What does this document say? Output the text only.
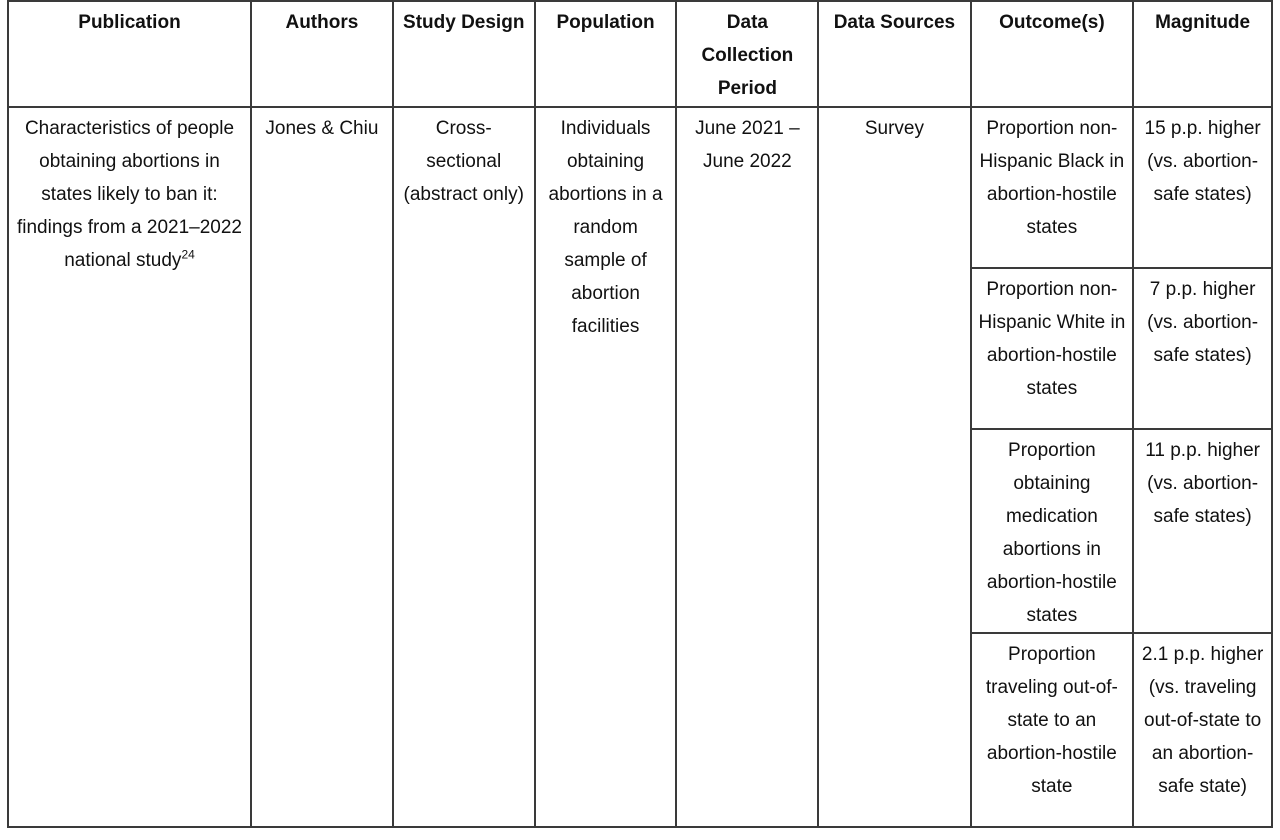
Publication	Authors	Study Design	Population	Data Collection Period	Data Sources	Outcome(s)	Magnitude
Characteristics of people obtaining abortions in states likely to ban it: findings from a 2021–2022 national study$^{24}$	Jones & Chiu	Cross-sectional (abstract only)	Individuals obtaining abortions in a random sample of abortion facilities	June 2021 – June 2022	Survey	Proportion non-Hispanic Black in abortion-hostile states	15 p.p. higher (vs. abortion-safe states)
						Proportion non-Hispanic White in abortion-hostile states	7 p.p. higher (vs. abortion-safe states)
						Proportion obtaining medication abortions in abortion-hostile states	11 p.p. higher (vs. abortion-safe states)
						Proportion traveling out-of-state to an abortion-hostile state	2.1 p.p. higher (vs. traveling out-of-state to an abortion-safe state)
